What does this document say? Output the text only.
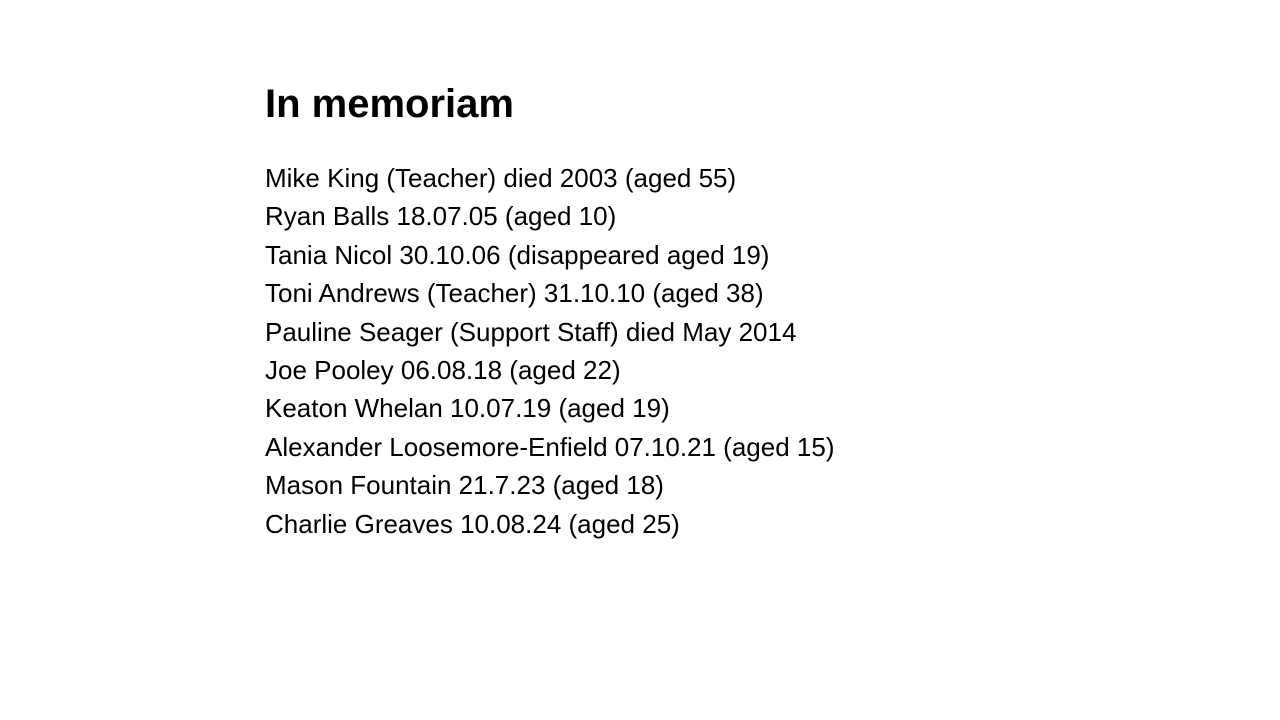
In memoriam
Mike King (Teacher) died 2003 (aged 55)
Ryan Balls 18.07.05 (aged 10)
Tania Nicol 30.10.06 (disappeared aged 19)
Toni Andrews (Teacher) 31.10.10 (aged 38)
Pauline Seager (Support Staff) died May 2014
Joe Pooley 06.08.18 (aged 22)
Keaton Whelan 10.07.19 (aged 19)
Alexander Loosemore-Enfield 07.10.21 (aged 15)
Mason Fountain 21.7.23 (aged 18)
Charlie Greaves 10.08.24 (aged 25)
